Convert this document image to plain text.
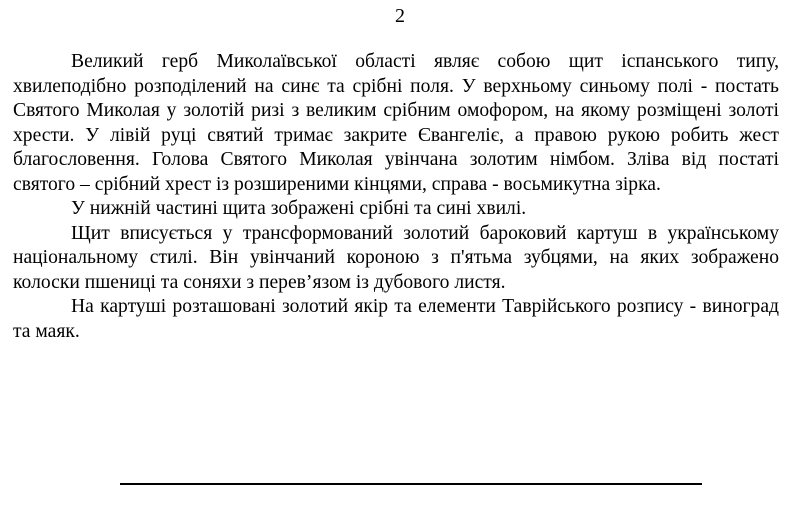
2

Великий герб Миколаївської області являє собою щит іспанського типу, хвилеподібно розподілений на синє та срібні поля. У верхньому синьому полі - постать Святого Миколая у золотій ризі з великим срібним омофором, на якому розміщені золоті хрести. У лівій руці святий тримає закрите Євангеліє, а правою рукою робить жест благословення. Голова Святого Миколая увінчана золотим німбом. Зліва від постаті святого – срібний хрест із розширеними кінцями, справа - восьмикутна зірка.

У нижній частині щита зображені срібні та сині хвилі.

Щит вписується у трансформований золотий бароковий картуш в українському національному стилі. Він увінчаний короною з п'ятьма зубцями, на яких зображено колоски пшениці та соняхи з перев’язом із дубового листя.

На картуші розташовані золотий якір та елементи Таврійського розпису - виноград та маяк.
